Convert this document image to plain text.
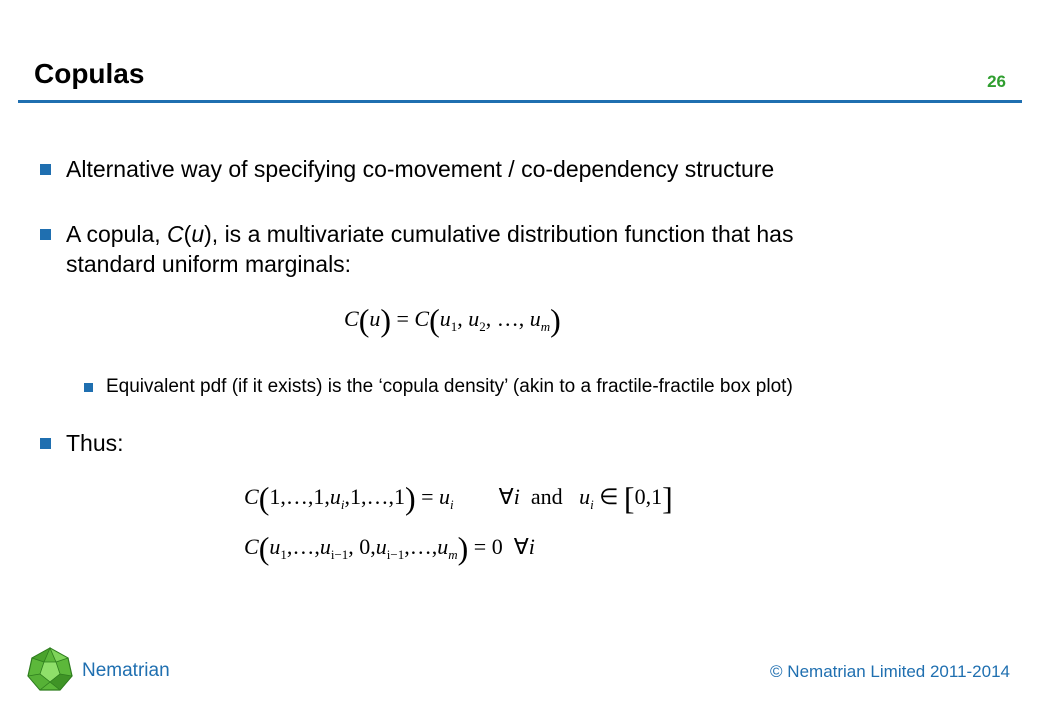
Copulas	26
Alternative way of specifying co-movement / co-dependency structure
A copula, C(u), is a multivariate cumulative distribution function that has
standard uniform marginals:
$C(u) = C(u_1$, $u_2$, …, $u_m$)
Equivalent pdf (if it exists) is the ‘copula density’ (akin to a fractile-fractile box plot)
Thus:
$C(1,\dots,1,u_i,1,\dots,1) = u_i$ ∀i and $u_i$ ∈ [0,1]
$C(u_1,\dots,u_{i-1}$, $0,u_{i-1},\dots,u_m) = 0$ ∀i
Nematrian	© Nematrian Limited 2011-2014
